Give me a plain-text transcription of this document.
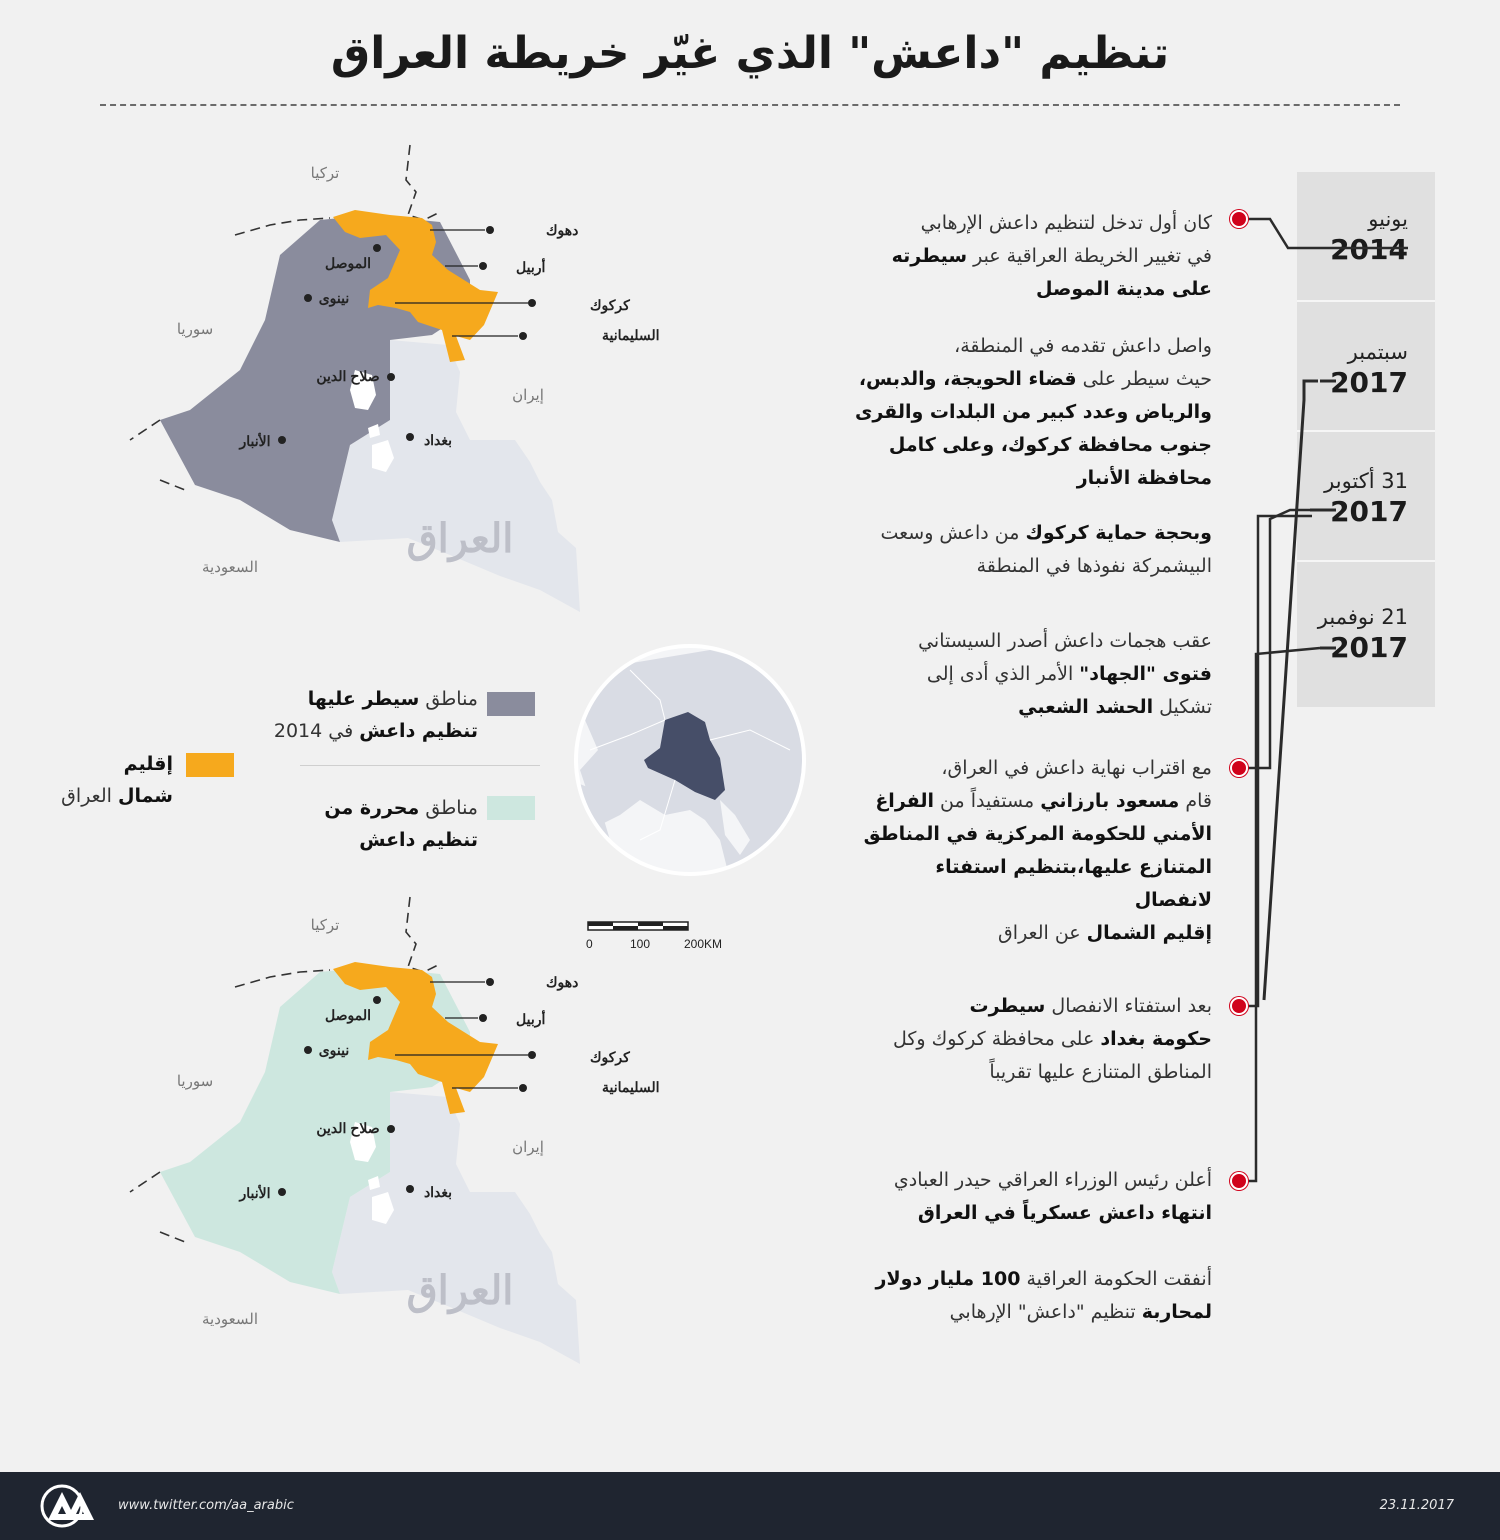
تنظيم "داعش" الذي غيّر خريطة العراق
يونيو
2014
سبتمبر
2017
31 أكتوبر
2017
21 نوفمبر
2017
كان أول تدخل لتنظيم داعش الإرهابي
في تغيير الخريطة العراقية عبر سيطرته
على مدينة الموصل
واصل داعش تقدمه في المنطقة،
حيث سيطر على قضاء الحويجة، والدبس،
والرياض وعدد كبير من البلدات والقرى
جنوب محافظة كركوك، وعلى كامل
محافظة الأنبار
وبحجة حماية كركوك من داعش وسعت
البيشمركة نفوذها في المنطقة
عقب هجمات داعش أصدر السيستاني
فتوى "الجهاد" الأمر الذي أدى إلى
تشكيل الحشد الشعبي
مع اقتراب نهاية داعش في العراق،
قام مسعود بارزاني مستفيداً من الفراغ
الأمني للحكومة المركزية في المناطق
المتنازع عليها،بتنظيم استفتاء لانفصال
إقليم الشمال عن العراق
بعد استفتاء الانفصال سيطرت
حكومة بغداد على محافظة كركوك وكل
المناطق المتنازع عليها تقريباً
أعلن رئيس الوزراء العراقي حيدر العبادي
انتهاء داعش عسكرياً في العراق
أنفقت الحكومة العراقية 100 مليار دولار
لمحاربة تنظيم "داعش" الإرهابي
مناطق سيطر عليها
تنظيم داعش في 2014
مناطق محررة من
تنظيم داعش
إقليم
شمال العراق
تركيا
سوريا
إيران
السعودية
العراق
دهوك
الموصل	أربيل
كركوك
نينوى
السليمانية
صلاح الدين
بغداد
الأنبار
تركيا
سوريا
إيران
السعودية
العراق
دهوك
الموصل	أربيل
كركوك
نينوى
السليمانية
صلاح الدين
بغداد
الأنبار
0	100	200KM
www.twitter.com/aa_arabic	23.11.2017
